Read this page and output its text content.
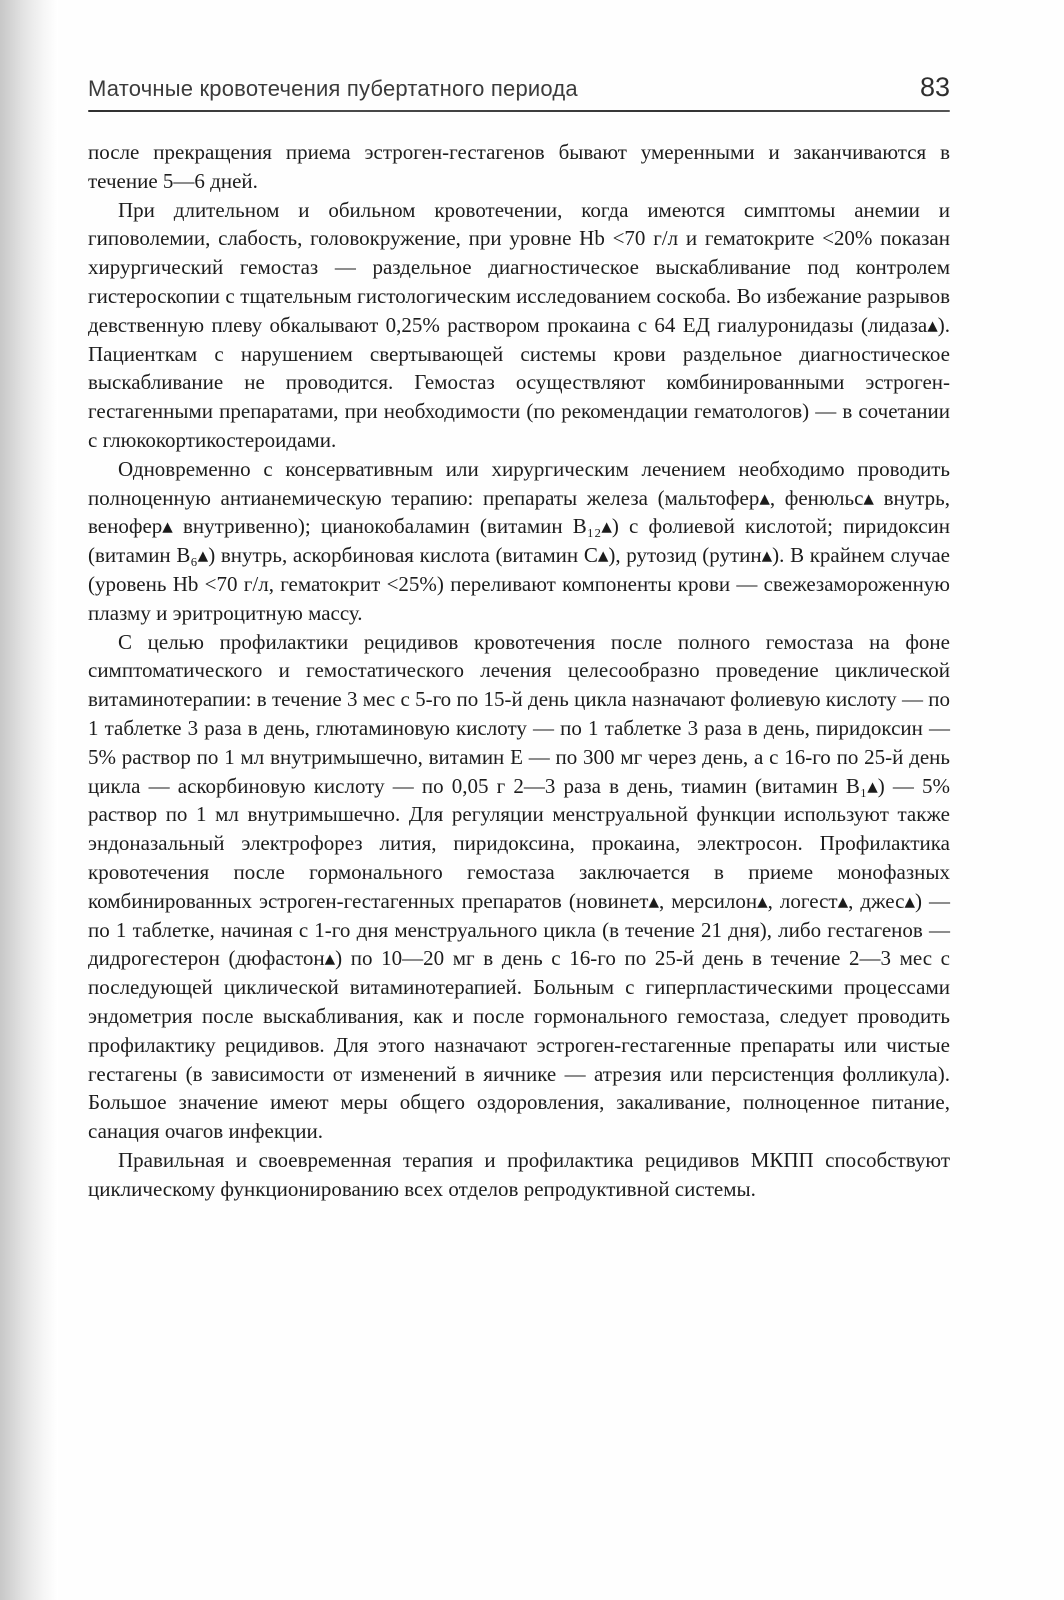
Маточные кровотечения пубертатного периода	83

после прекращения приема эстроген-гестагенов бывают умеренными и заканчиваются в течение 5—6 дней.

При длительном и обильном кровотечении, когда имеются симптомы анемии и гиповолемии, слабость, головокружение, при уровне Hb <70 г/л и гематокрите <20% показан хирургический гемостаз — раздельное диагностическое выскабливание под контролем гистероскопии с тщательным гистологическим исследованием соскоба. Во избежание разрывов девственную плеву обкалывают 0,25% раствором прокаина с 64 ЕД гиалуронидазы (лидаза▴). Пациенткам с нарушением свертывающей системы крови раздельное диагностическое выскабливание не проводится. Гемостаз осуществляют комбинированными эстроген-гестагенными препаратами, при необходимости (по рекомендации гематологов) — в сочетании с глюкокортикостероидами.

Одновременно с консервативным или хирургическим лечением необходимо проводить полноценную антианемическую терапию: препараты железа (мальтофер▴, фенюльс▴ внутрь, венофер▴ внутривенно); цианокобаламин (витамин В₁₂▴) с фолиевой кислотой; пиридоксин (витамин В₆▴) внутрь, аскорбиновая кислота (витамин С▴), рутозид (рутин▴). В крайнем случае (уровень Hb <70 г/л, гематокрит <25%) переливают компоненты крови — свежезамороженную плазму и эритроцитную массу.

С целью профилактики рецидивов кровотечения после полного гемостаза на фоне симптоматического и гемостатического лечения целесообразно проведение циклической витаминотерапии: в течение 3 мес с 5-го по 15-й день цикла назначают фолиевую кислоту — по 1 таблетке 3 раза в день, глютаминовую кислоту — по 1 таблетке 3 раза в день, пиридоксин — 5% раствор по 1 мл внутримышечно, витамин Е — по 300 мг через день, а с 16-го по 25-й день цикла — аскорбиновую кислоту — по 0,05 г 2—3 раза в день, тиамин (витамин В₁▴) — 5% раствор по 1 мл внутримышечно. Для регуляции менструальной функции используют также эндоназальный электрофорез лития, пиридоксина, прокаина, электросон. Профилактика кровотечения после гормонального гемостаза заключается в приеме монофазных комбинированных эстроген-гестагенных препаратов (новинет▴, мерсилон▴, логест▴, джес▴) — по 1 таблетке, начиная с 1-го дня менструального цикла (в течение 21 дня), либо гестагенов — дидрогестерон (дюфастон▴) по 10—20 мг в день с 16-го по 25-й день в течение 2—3 мес с последующей циклической витаминотерапией. Больным с гиперпластическими процессами эндометрия после выскабливания, как и после гормонального гемостаза, следует проводить профилактику рецидивов. Для этого назначают эстроген-гестагенные препараты или чистые гестагены (в зависимости от изменений в яичнике — атрезия или персистенция фолликула). Большое значение имеют меры общего оздоровления, закаливание, полноценное питание, санация очагов инфекции.

Правильная и своевременная терапия и профилактика рецидивов МКПП способствуют циклическому функционированию всех отделов репродуктивной системы.
